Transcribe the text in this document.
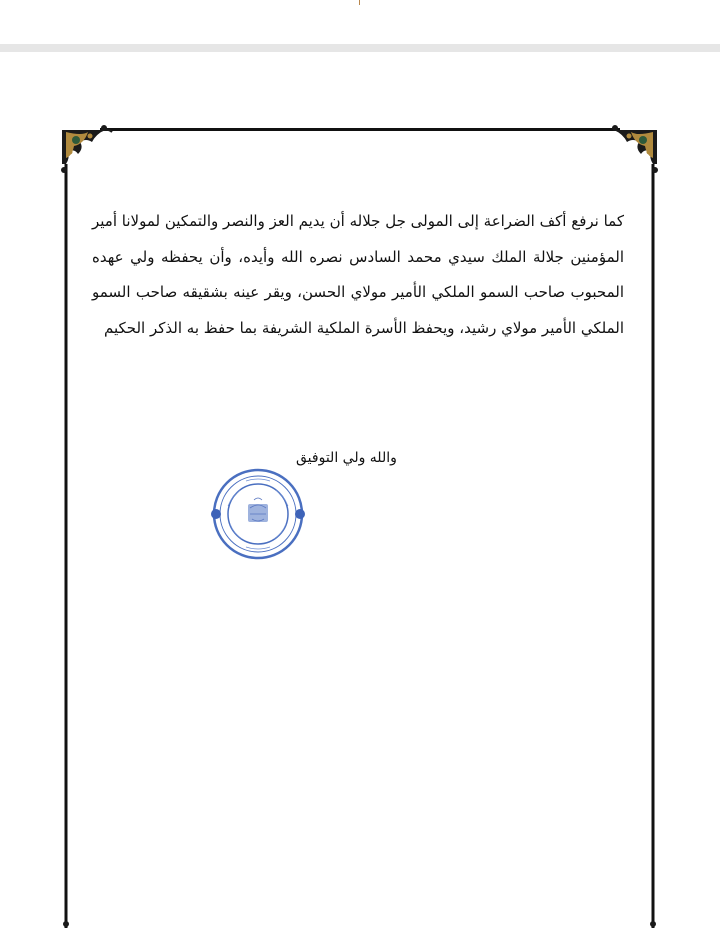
كما نرفع أكف الضراعة إلى المولى جل جلاله أن يديم العز والنصر والتمكين لمولانا أمير المؤمنين جلالة الملك سيدي محمد السادس نصره الله وأيده، وأن يحفظه ولي عهده المحبوب صاحب السمو الملكي الأمير مولاي الحسن، ويقر عينه بشقيقه صاحب السمو الملكي الأمير مولاي رشيد، ويحفظ الأسرة الملكية الشريفة بما حفظ به الذكر الحكيم
والله ولي التوفيق
